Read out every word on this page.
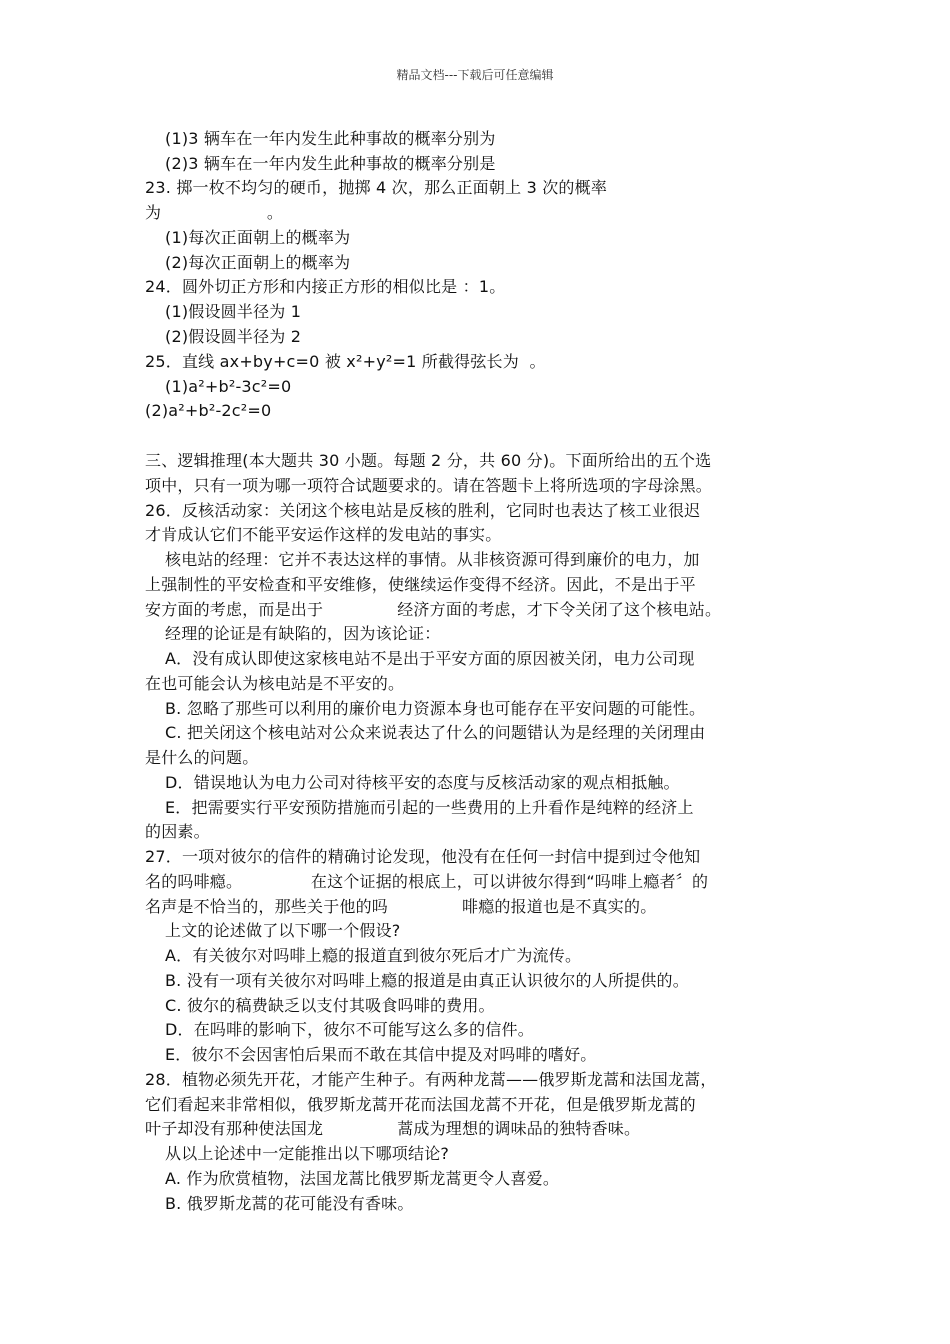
精品文档---下载后可任意编辑
(1)3 辆车在一年内发生此种事故的概率分别为
(2)3 辆车在一年内发生此种事故的概率分别是
23. 掷一枚不均匀的硬币，抛掷 4 次，那么正面朝上 3 次的概率
为                    。
(1)每次正面朝上的概率为
(2)每次正面朝上的概率为
24．圆外切正方形和内接正方形的相似比是 ：1。
(1)假设圆半径为 1
(2)假设圆半径为 2
25．直线 ax+by+c=0 被 x²+y²=1 所截得弦长为  。
(1)a²+b²-3c²=0
(2)a²+b²-2c²=0
三、逻辑推理(本大题共 30 小题。每题 2 分，共 60 分)。下面所给出的五个选
项中，只有一项为哪一项符合试题要求的。请在答题卡上将所选项的字母涂黑。
26．反核活动家：关闭这个核电站是反核的胜利，它同时也表达了核工业很迟
才肯成认它们不能平安运作这样的发电站的事实。
核电站的经理：它并不表达这样的事情。从非核资源可得到廉价的电力，加
上强制性的平安检查和平安维修，使继续运作变得不经济。因此，不是出于平
安方面的考虑，而是出于              经济方面的考虑，才下令关闭了这个核电站。
经理的论证是有缺陷的，因为该论证：
A．没有成认即使这家核电站不是出于平安方面的原因被关闭，电力公司现
在也可能会认为核电站是不平安的。
B. 忽略了那些可以利用的廉价电力资源本身也可能存在平安问题的可能性。
C. 把关闭这个核电站对公众来说表达了什么的问题错认为是经理的关闭理由
是什么的问题。
D．错误地认为电力公司对待核平安的态度与反核活动家的观点相抵触。
E．把需要实行平安预防措施而引起的一些费用的上升看作是纯粹的经济上
的因素。
27．一项对彼尔的信件的精确讨论发现，他没有在任何一封信中提到过令他知
名的吗啡瘾。             在这个证据的根底上，可以讲彼尔得到“吗啡上瘾者〞的
名声是不恰当的，那些关于他的吗              啡瘾的报道也是不真实的。
上文的论述做了以下哪一个假设?
A．有关彼尔对吗啡上瘾的报道直到彼尔死后才广为流传。
B. 没有一项有关彼尔对吗啡上瘾的报道是由真正认识彼尔的人所提供的。
C. 彼尔的稿费缺乏以支付其吸食吗啡的费用。
D．在吗啡的影响下，彼尔不可能写这么多的信件。
E．彼尔不会因害怕后果而不敢在其信中提及对吗啡的嗜好。
28．植物必须先开花，才能产生种子。有两种龙蒿——俄罗斯龙蒿和法国龙蒿，
它们看起来非常相似，俄罗斯龙蒿开花而法国龙蒿不开花，但是俄罗斯龙蒿的
叶子却没有那种使法国龙              蒿成为理想的调味品的独特香味。
从以上论述中一定能推出以下哪项结论?
A. 作为欣赏植物，法国龙蒿比俄罗斯龙蒿更令人喜爱。
B. 俄罗斯龙蒿的花可能没有香味。
